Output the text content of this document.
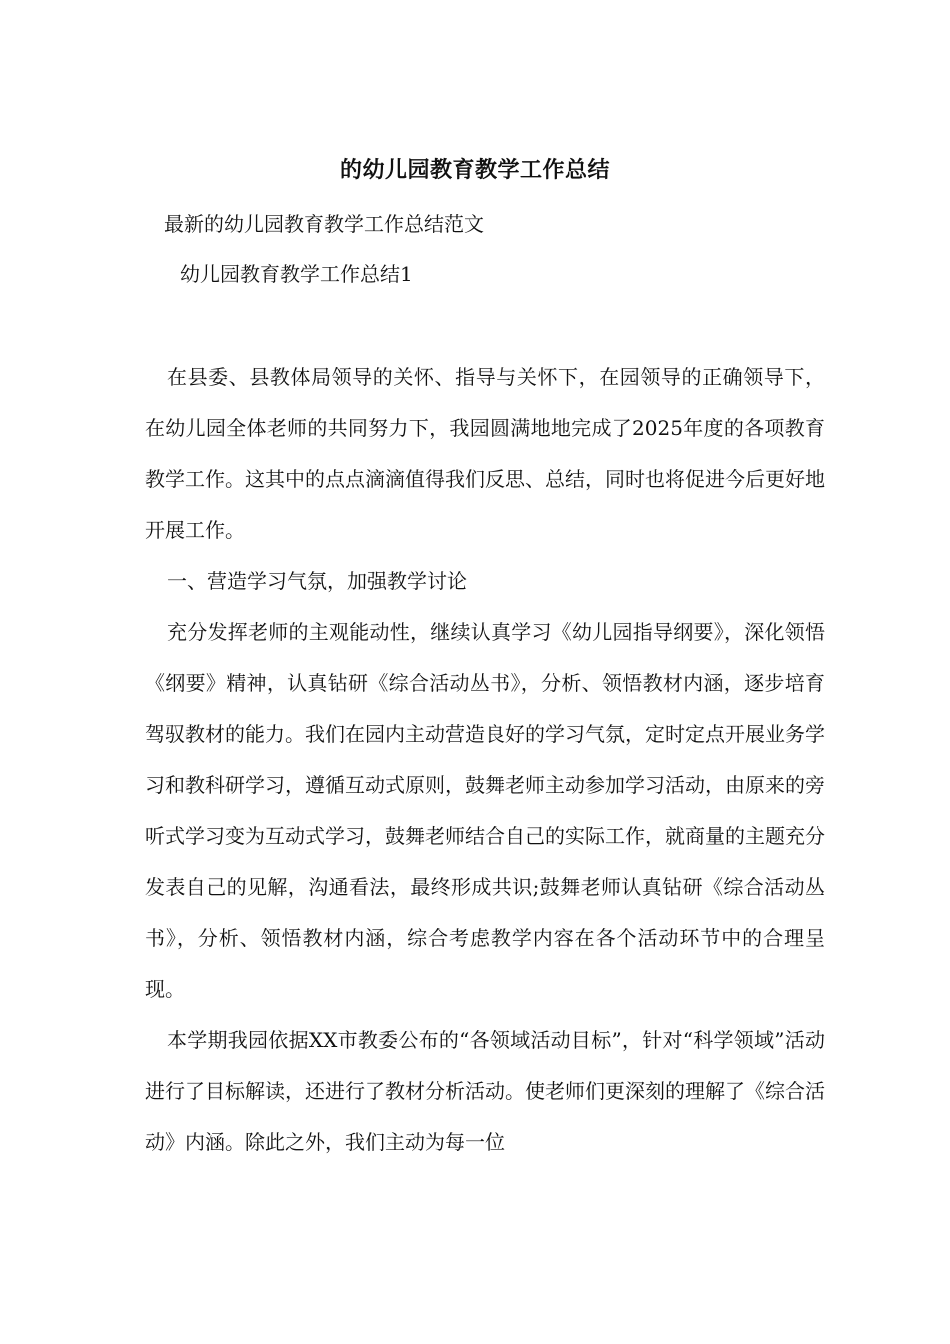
的幼儿园教育教学工作总结
最新的幼儿园教育教学工作总结范文
幼儿园教育教学工作总结1

在县委、县教体局领导的关怀、指导与关怀下，在园领导的正确领导下，在幼儿园全体老师的共同努力下，我园圆满地地完成了2025年度的各项教育教学工作。这其中的点点滴滴值得我们反思、总结，同时也将促进今后更好地开展工作。

一、营造学习气氛，加强教学讨论

充分发挥老师的主观能动性，继续认真学习《幼儿园指导纲要》，深化领悟《纲要》精神，认真钻研《综合活动丛书》，分析、领悟教材内涵，逐步培育驾驭教材的能力。我们在园内主动营造良好的学习气氛，定时定点开展业务学习和教科研学习，遵循互动式原则，鼓舞老师主动参加学习活动，由原来的旁听式学习变为互动式学习，鼓舞老师结合自己的实际工作，就商量的主题充分发表自己的见解，沟通看法，最终形成共识;鼓舞老师认真钻研《综合活动丛书》，分析、领悟教材内涵，综合考虑教学内容在各个活动环节中的合理呈现。

本学期我园依据XX市教委公布的“各领域活动目标”，针对“科学领域”活动进行了目标解读，还进行了教材分析活动。使老师们更深刻的理解了《综合活动》内涵。除此之外，我们主动为每一位
